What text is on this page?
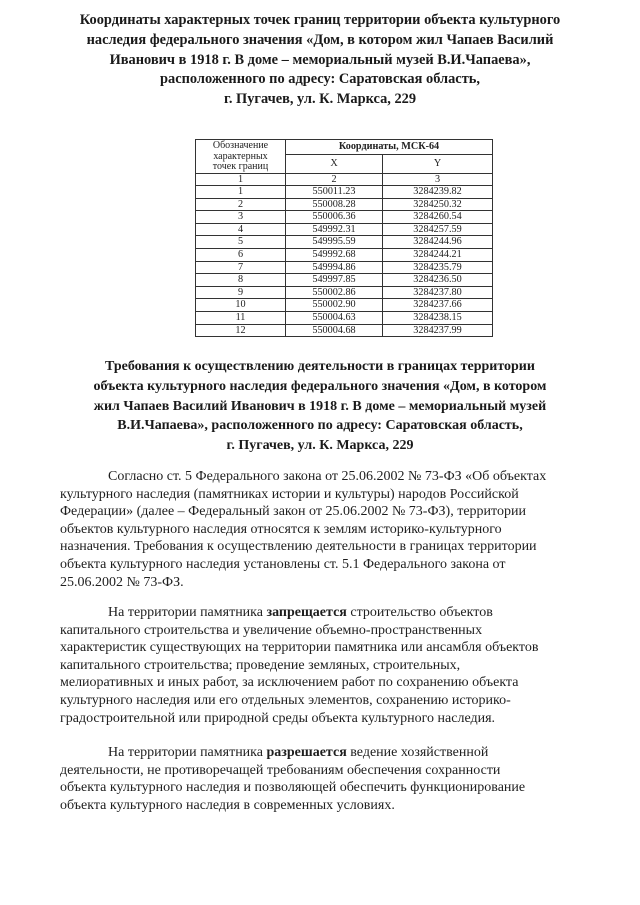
Координаты характерных точек границ территории объекта культурного
наследия федерального значения «Дом, в котором жил Чапаев Василий
Иванович в 1918 г. В доме – мемориальный музей В.И.Чапаева»,
расположенного по адресу: Саратовская область,
г. Пугачев, ул. К. Маркса, 229
Обозначение
характерных
точек границ	Координаты, МСК-64	
	X	Y
1	2	3
1	550011.23	3284239.82
2	550008.28	3284250.32
3	550006.36	3284260.54
4	549992.31	3284257.59
5	549995.59	3284244.96
6	549992.68	3284244.21
7	549994.86	3284235.79
8	549997.85	3284236.50
9	550002.86	3284237.80
10	550002.90	3284237.66
11	550004.63	3284238.15
12	550004.68	3284237.99
Требования к осуществлению деятельности в границах территории
объекта культурного наследия федерального значения «Дом, в котором
жил Чапаев Василий Иванович в 1918 г. В доме – мемориальный музей
В.И.Чапаева», расположенного по адресу: Саратовская область,
г. Пугачев, ул. К. Маркса, 229
Согласно ст. 5 Федерального закона от 25.06.2002 № 73-ФЗ «Об объектах
культурного наследия (памятниках истории и культуры) народов Российской
Федерации» (далее – Федеральный закон от 25.06.2002 № 73-ФЗ), территории
объектов культурного наследия относятся к землям историко-культурного
назначения. Требования к осуществлению деятельности в границах территории
объекта культурного наследия установлены ст. 5.1 Федерального закона от
25.06.2002 № 73-ФЗ.
На территории памятника запрещается строительство объектов
капитального строительства и увеличение объемно-пространственных
характеристик существующих на территории памятника или ансамбля объектов
капитального строительства; проведение земляных, строительных,
мелиоративных и иных работ, за исключением работ по сохранению объекта
культурного наследия или его отдельных элементов, сохранению историко-
градостроительной или природной среды объекта культурного наследия.
На территории памятника разрешается ведение хозяйственной
деятельности, не противоречащей требованиям обеспечения сохранности
объекта культурного наследия и позволяющей обеспечить функционирование
объекта культурного наследия в современных условиях.
